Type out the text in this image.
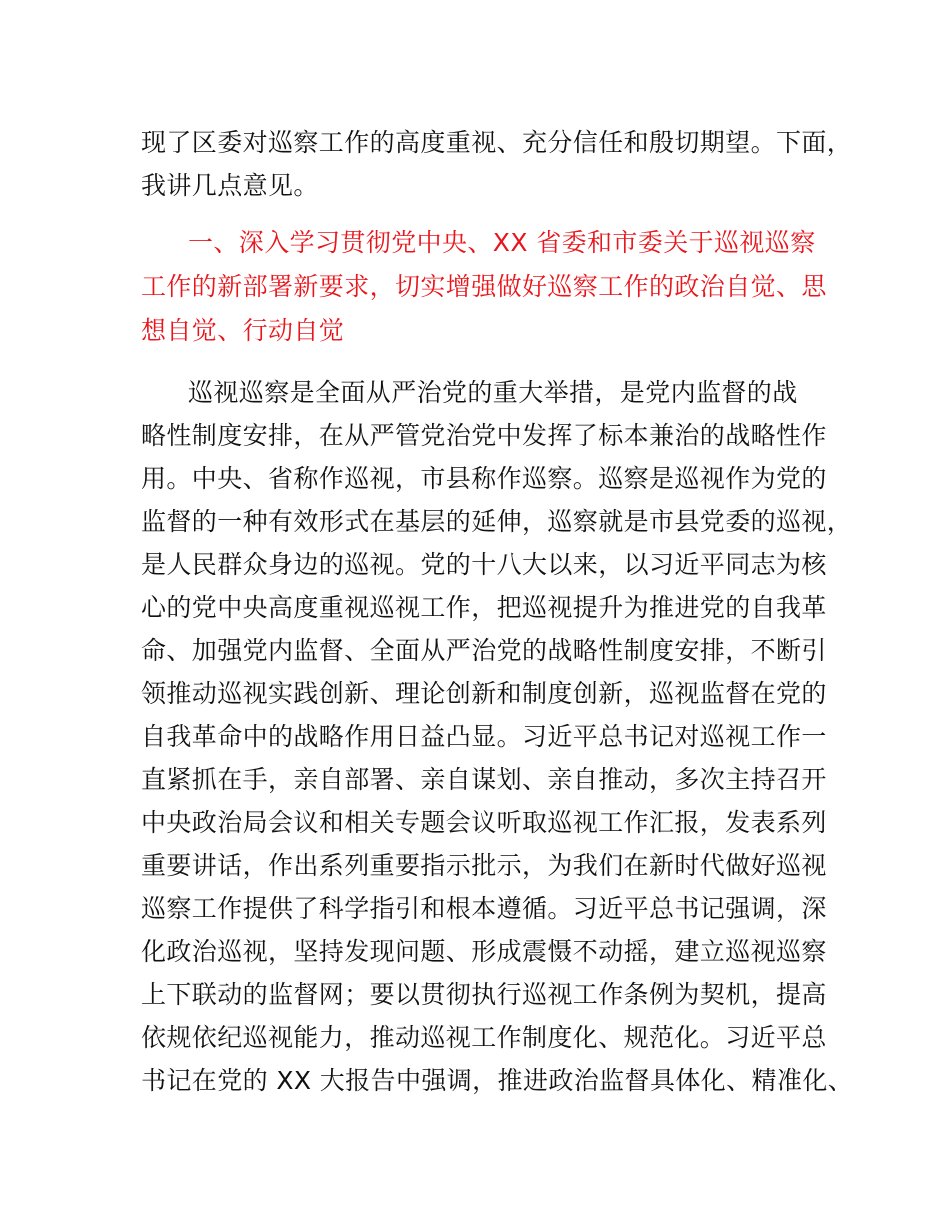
现了区委对巡察工作的高度重视、充分信任和殷切期望。下面，
我讲几点意见。
一、深入学习贯彻党中央、XX 省委和市委关于巡视巡察
工作的新部署新要求，切实增强做好巡察工作的政治自觉、思
想自觉、行动自觉
巡视巡察是全面从严治党的重大举措，是党内监督的战
略性制度安排，在从严管党治党中发挥了标本兼治的战略性作
用。中央、省称作巡视，市县称作巡察。巡察是巡视作为党的
监督的一种有效形式在基层的延伸，巡察就是市县党委的巡视，
是人民群众身边的巡视。党的十八大以来，以习近平同志为核
心的党中央高度重视巡视工作，把巡视提升为推进党的自我革
命、加强党内监督、全面从严治党的战略性制度安排，不断引
领推动巡视实践创新、理论创新和制度创新，巡视监督在党的
自我革命中的战略作用日益凸显。习近平总书记对巡视工作一
直紧抓在手，亲自部署、亲自谋划、亲自推动，多次主持召开
中央政治局会议和相关专题会议听取巡视工作汇报，发表系列
重要讲话，作出系列重要指示批示，为我们在新时代做好巡视
巡察工作提供了科学指引和根本遵循。习近平总书记强调，深
化政治巡视，坚持发现问题、形成震慑不动摇，建立巡视巡察
上下联动的监督网；要以贯彻执行巡视工作条例为契机，提高
依规依纪巡视能力，推动巡视工作制度化、规范化。习近平总
书记在党的 XX 大报告中强调，推进政治监督具体化、精准化、
